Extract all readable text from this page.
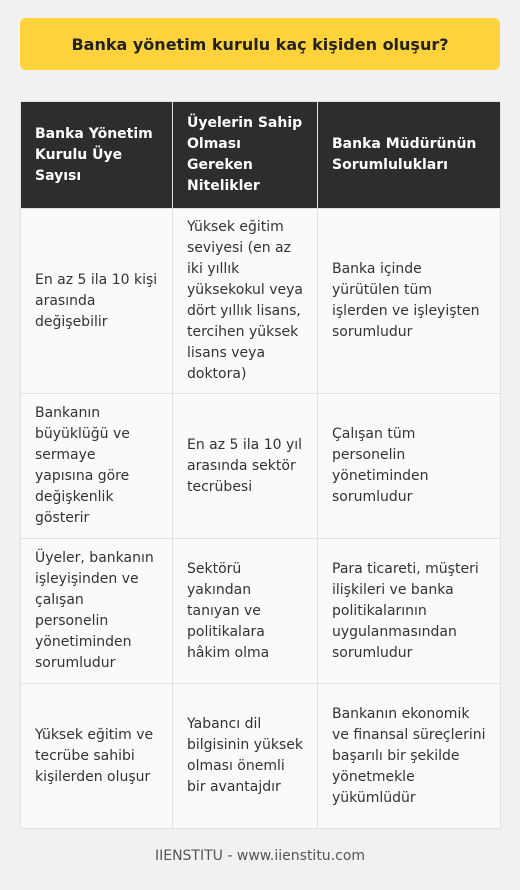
Banka yönetim kurulu kaç kişiden oluşur?
Banka Yönetim Kurulu Üye Sayısı	Üyelerin Sahip Olması Gereken Nitelikler	Banka Müdürünün Sorumlulukları
En az 5 ila 10 kişi arasında değişebilir	Yüksek eğitim seviyesi (en az iki yıllık yüksekokul veya dört yıllık lisans, tercihen yüksek lisans veya doktora)	Banka içinde yürütülen tüm işlerden ve işleyişten sorumludur
Bankanın büyüklüğü ve sermaye yapısına göre değişkenlik gösterir	En az 5 ila 10 yıl arasında sektör tecrübesi	Çalışan tüm personelin yönetiminden sorumludur
Üyeler, bankanın işleyişinden ve çalışan personelin yönetiminden sorumludur	Sektörü yakından tanıyan ve politikalara hâkim olma	Para ticareti, müşteri ilişkileri ve banka politikalarının uygulanmasından sorumludur
Yüksek eğitim ve tecrübe sahibi kişilerden oluşur	Yabancı dil bilgisinin yüksek olması önemli bir avantajdır	Bankanın ekonomik ve finansal süreçlerini başarılı bir şekilde yönetmekle yükümlüdür
IIENSTITU - www.iienstitu.com
